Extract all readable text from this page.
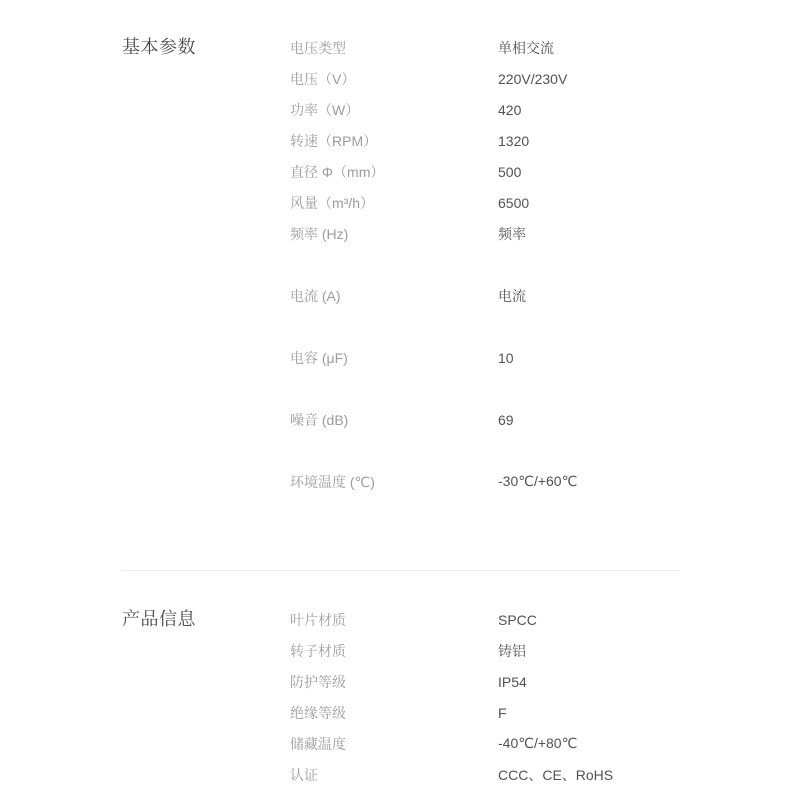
基本参数	电压类型	单相交流
电压（V）	220V/230V
功率（W）	420
转速（RPM）	1320
直径 Φ（mm）	500
风量（m³/h）	6500
频率 (Hz)	频率
电流 (A)	电流
电容 (μF)	10
噪音 (dB)	69
环境温度 (℃)	-30℃/+60℃
产品信息	叶片材质	SPCC
转子材质	铸铝
防护等级	IP54
绝缘等级	F
储藏温度	-40℃/+80℃
认证	CCC、CE、RoHS
